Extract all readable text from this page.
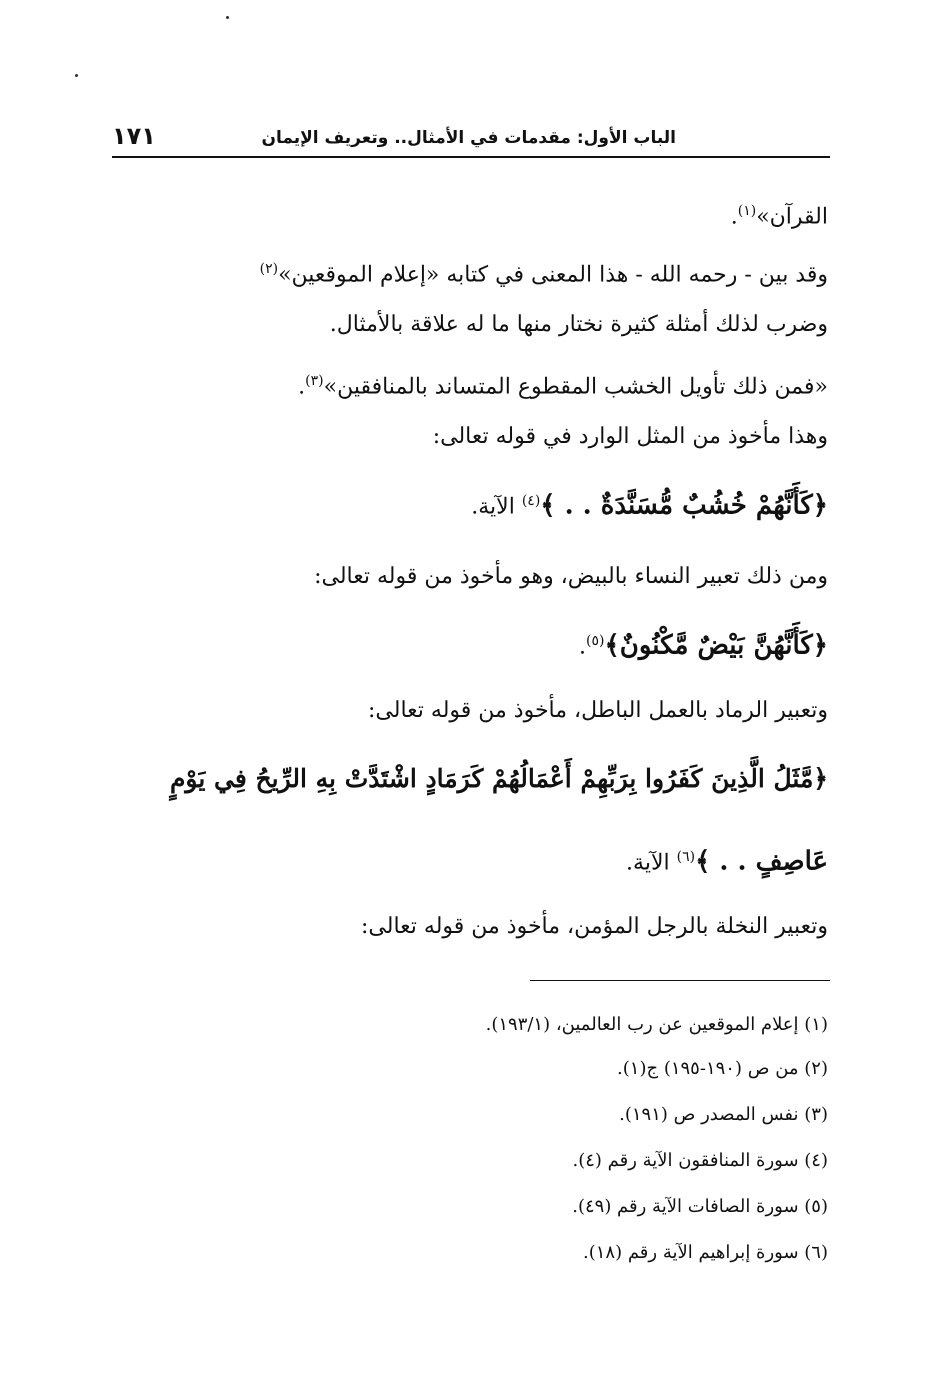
الباب الأول: مقدمات في الأمثال.. وتعريف الإيمان
١٧١
القرآن»$^{(١)}$.
وقد بين - رحمه الله - هذا المعنى في كتابه «إعلام الموقعين»$^{(٢)}$
وضرب لذلك أمثلة كثيرة نختار منها ما له علاقة بالأمثال.
«فمن ذلك تأويل الخشب المقطوع المتساند بالمنافقين»$^{(٣)}$.
وهذا مأخوذ من المثل الوارد في قوله تعالى:
﴿كَأَنَّهُمْ خُشُبٌ مُّسَنَّدَةٌ . . ﴾$^{(٤)}$ الآية.
ومن ذلك تعبير النساء بالبيض، وهو مأخوذ من قوله تعالى:
﴿كَأَنَّهُنَّ بَيْضٌ مَّكْنُونٌ﴾$^{(٥)}$.
وتعبير الرماد بالعمل الباطل، مأخوذ من قوله تعالى:
﴿مَّثَلُ الَّذِينَ كَفَرُوا بِرَبِّهِمْ أَعْمَالُهُمْ كَرَمَادٍ اشْتَدَّتْ بِهِ الرِّيحُ فِي يَوْمٍ
عَاصِفٍ . . ﴾$^{(٦)}$ الآية.
وتعبير النخلة بالرجل المؤمن، مأخوذ من قوله تعالى:
(١) إعلام الموقعين عن رب العالمين، (١٩٣/١).
(٢) من ص (١٩٠-١٩٥) ج(١).
(٣) نفس المصدر ص (١٩١).
(٤) سورة المنافقون الآية رقم (٤).
(٥) سورة الصافات الآية رقم (٤٩).
(٦) سورة إبراهيم الآية رقم (١٨).
